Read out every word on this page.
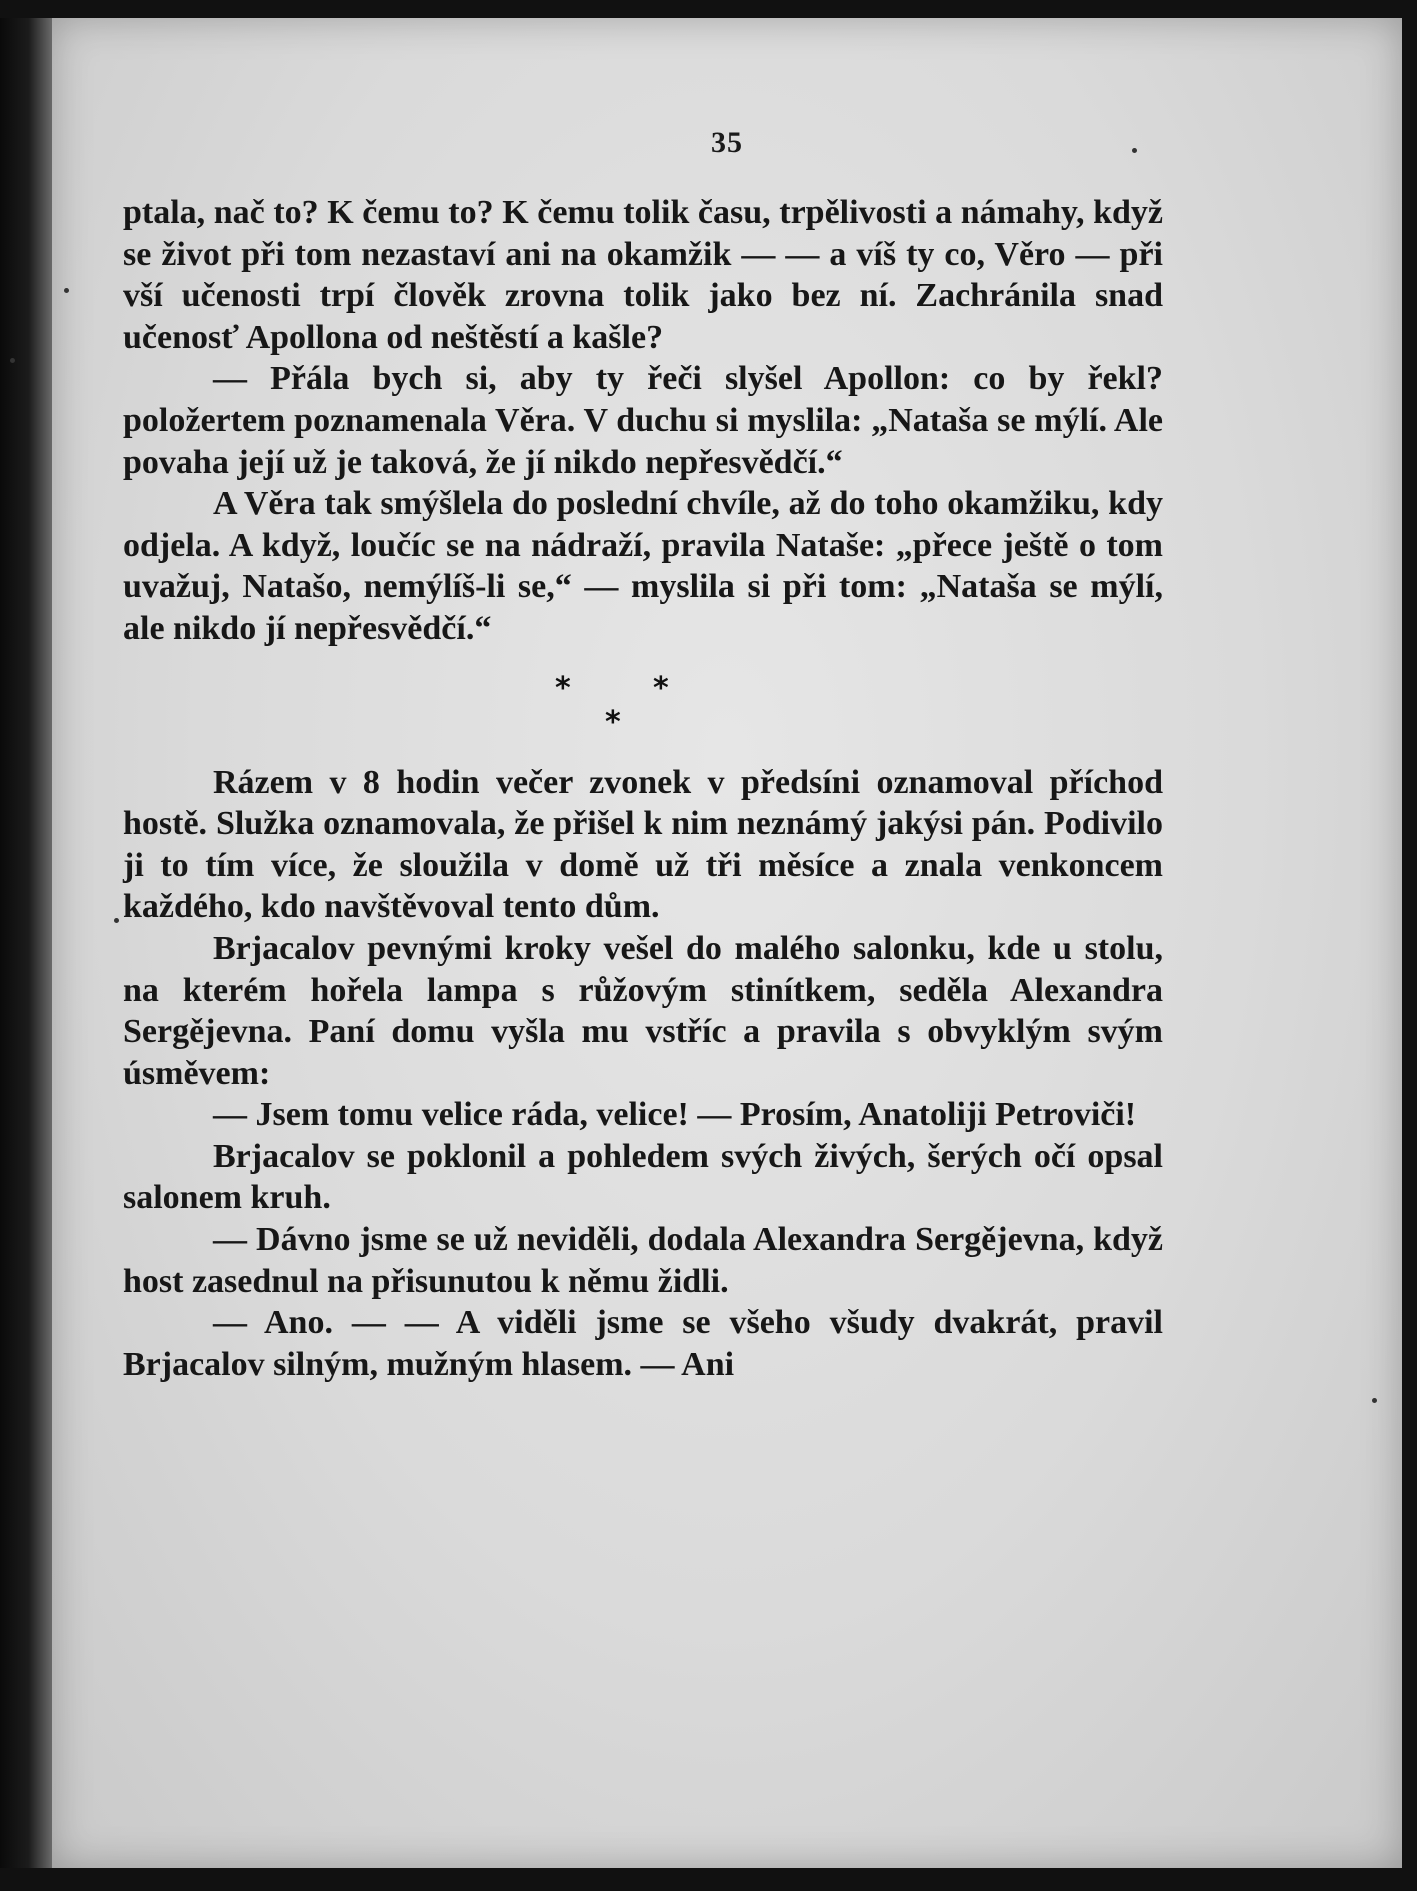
35

ptala, nač to? K čemu to? K čemu tolik času, trpělivosti a námahy, když se život při tom nezastaví ani na okamžik — — a víš ty co, Věro — při vší učenosti trpí člověk zrovna tolik jako bez ní. Zachránila snad učenosť Apollona od neštěstí a kašle?

— Přála bych si, aby ty řeči slyšel Apollon: co by řekl? položertem poznamenala Věra. V duchu si myslila: „Nataša se mýlí. Ale povaha její už je taková, že jí nikdo nepřesvědčí.“

A Věra tak smýšlela do poslední chvíle, až do toho okamžiku, kdy odjela. A když, loučíc se na nádraží, pravila Nataše: „přece ještě o tom uvažuj, Natašo, nemýlíš-li se,“ — myslila si při tom: „Nataša se mýlí, ale nikdo jí nepřesvědčí.“

*	*
*

Rázem v 8 hodin večer zvonek v předsíni oznamoval příchod hostě. Služka oznamovala, že přišel k nim neznámý jakýsi pán. Podivilo ji to tím více, že sloužila v domě už tři měsíce a znala venkoncem každého, kdo navštěvoval tento dům.

Brjacalov pevnými kroky vešel do malého salonku, kde u stolu, na kterém hořela lampa s růžovým stinítkem, seděla Alexandra Sergějevna. Paní domu vyšla mu vstříc a pravila s obvyklým svým úsměvem:

— Jsem tomu velice ráda, velice! — Prosím, Anatoliji Petroviči!

Brjacalov se poklonil a pohledem svých živých, šerých očí opsal salonem kruh.

— Dávno jsme se už neviděli, dodala Alexandra Sergějevna, když host zasednul na přisunutou k němu židli.

— Ano. — — A viděli jsme se všeho všudy dvakrát, pravil Brjacalov silným, mužným hlasem. — Ani
